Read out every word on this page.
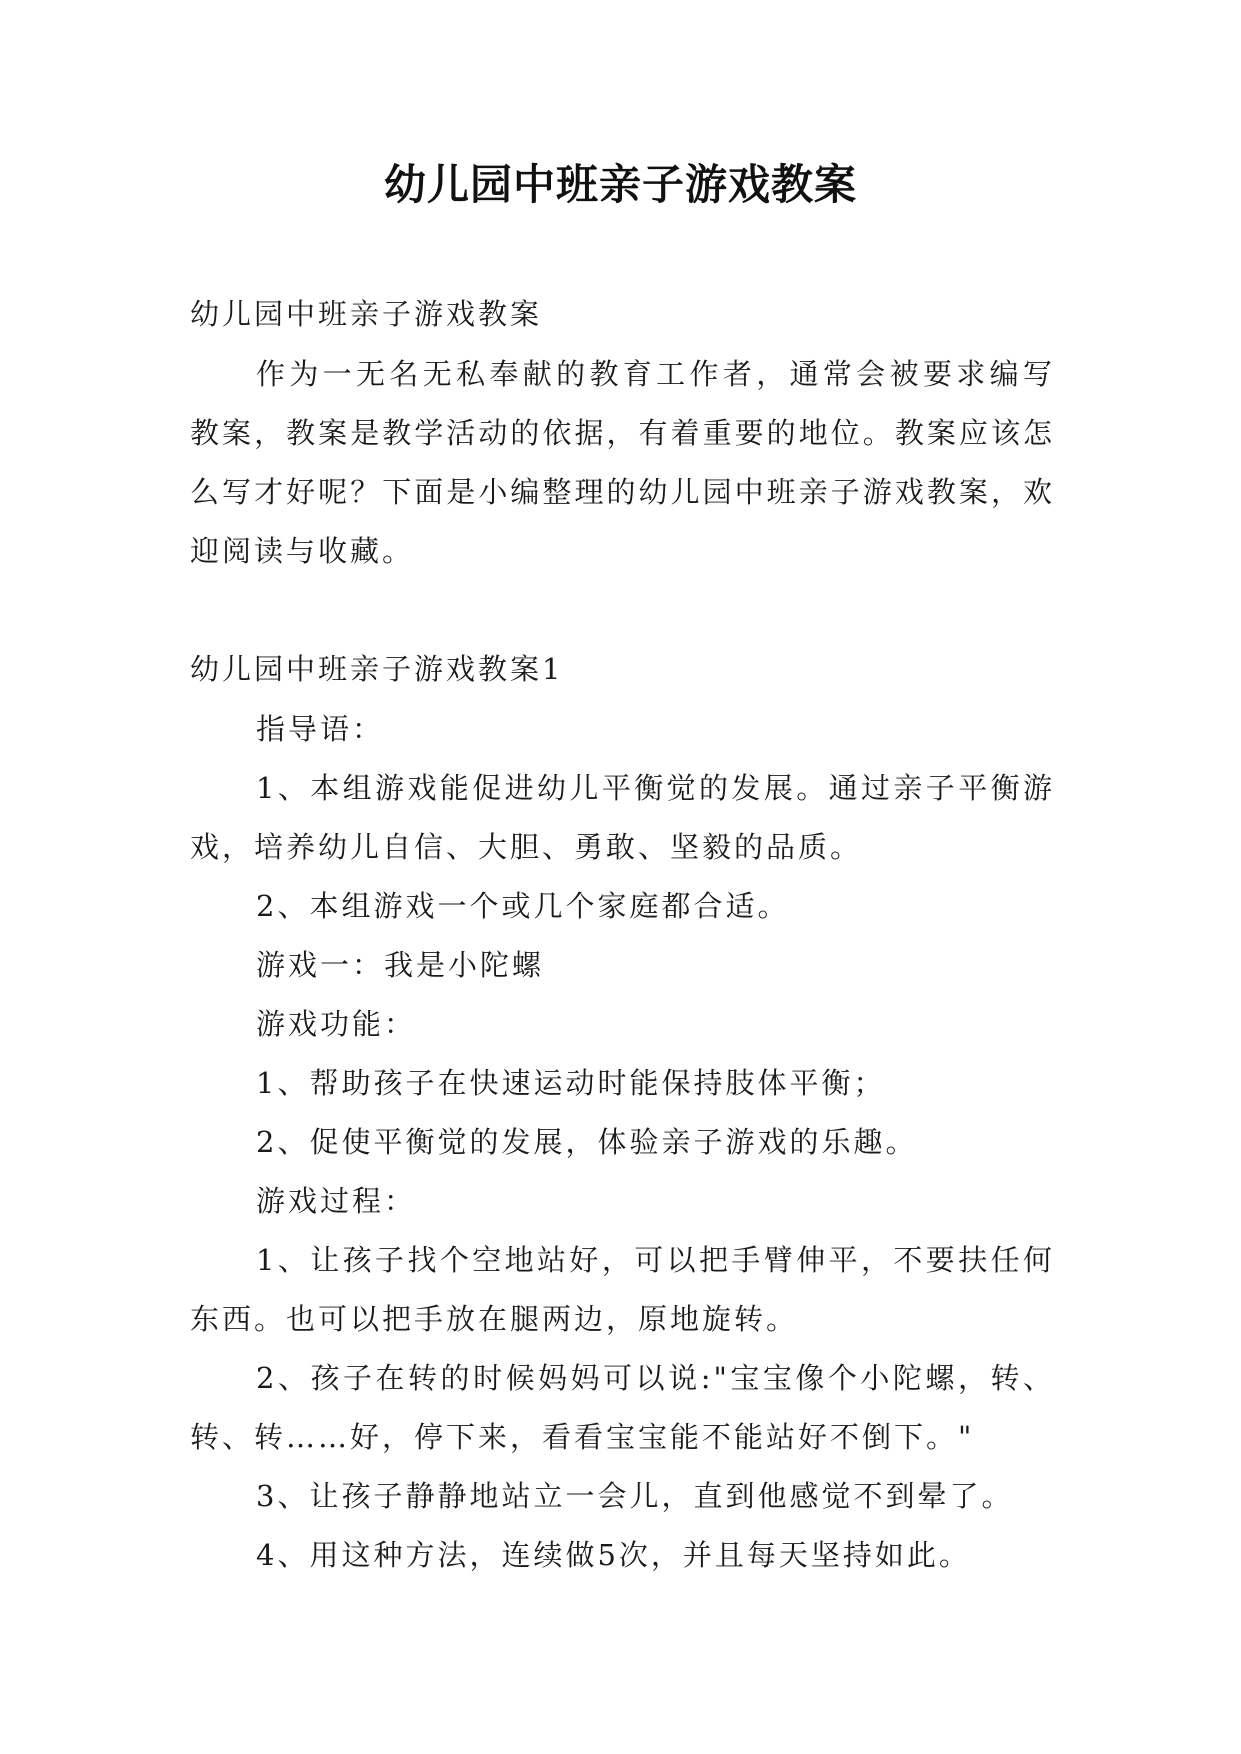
幼儿园中班亲子游戏教案
幼儿园中班亲子游戏教案

作为一无名无私奉献的教育工作者，通常会被要求编写教案，教案是教学活动的依据，有着重要的地位。教案应该怎么写才好呢？下面是小编整理的幼儿园中班亲子游戏教案，欢迎阅读与收藏。

幼儿园中班亲子游戏教案1

指导语：

1、本组游戏能促进幼儿平衡觉的发展。通过亲子平衡游戏，培养幼儿自信、大胆、勇敢、坚毅的品质。

2、本组游戏一个或几个家庭都合适。

游戏一：我是小陀螺

游戏功能：

1、帮助孩子在快速运动时能保持肢体平衡；

2、促使平衡觉的发展，体验亲子游戏的乐趣。

游戏过程：

1、让孩子找个空地站好，可以把手臂伸平，不要扶任何东西。也可以把手放在腿两边，原地旋转。

2、孩子在转的时候妈妈可以说:"宝宝像个小陀螺，转、转、转……好，停下来，看看宝宝能不能站好不倒下。"

3、让孩子静静地站立一会儿，直到他感觉不到晕了。

4、用这种方法，连续做5次，并且每天坚持如此。
